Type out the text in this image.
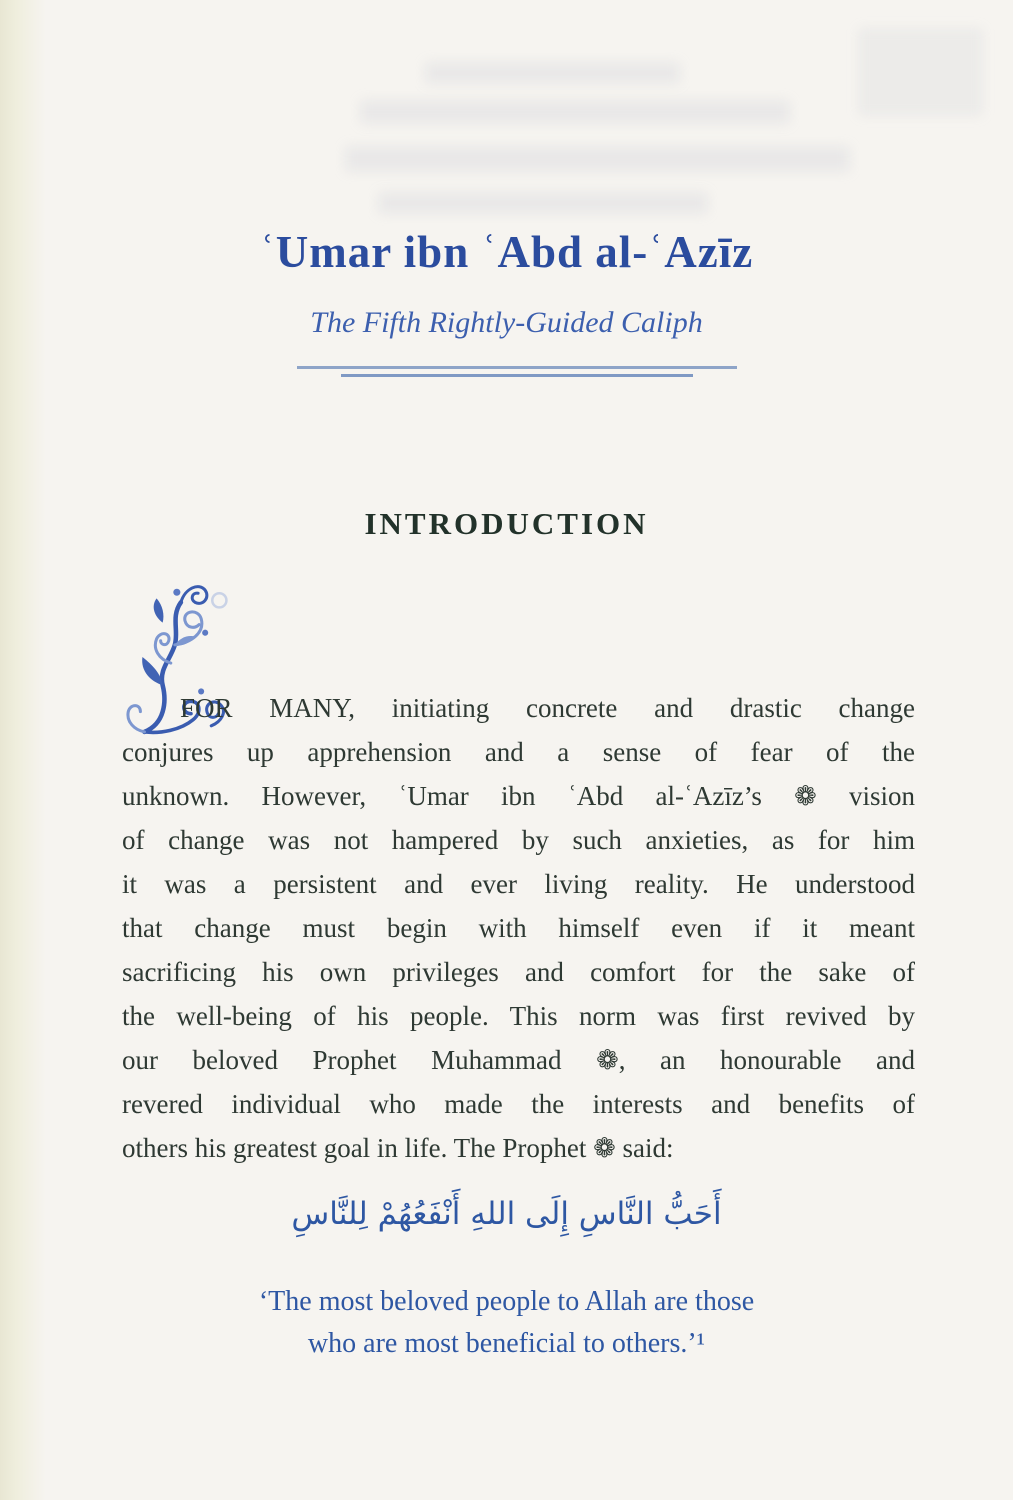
ʿUmar ibn ʿAbd al-ʿAzīz
The Fifth Rightly-Guided Caliph
INTRODUCTION
FOR MANY, initiating concrete and drastic change
conjures up apprehension and a sense of fear of the
unknown. However, ʿUmar ibn ʿAbd al-ʿAzīz’s ❁ vision
of change was not hampered by such anxieties, as for him
it was a persistent and ever living reality. He understood
that change must begin with himself even if it meant
sacrificing his own privileges and comfort for the sake of
the well-being of his people. This norm was first revived by
our beloved Prophet Muhammad ❁, an honourable and
revered individual who made the interests and benefits of
others his greatest goal in life. The Prophet ❁ said:
أَحَبُّ النَّاسِ إِلَى اللهِ أَنْفَعُهُمْ لِلنَّاسِ
‘The most beloved people to Allah are those
who are most beneficial to others.’¹
